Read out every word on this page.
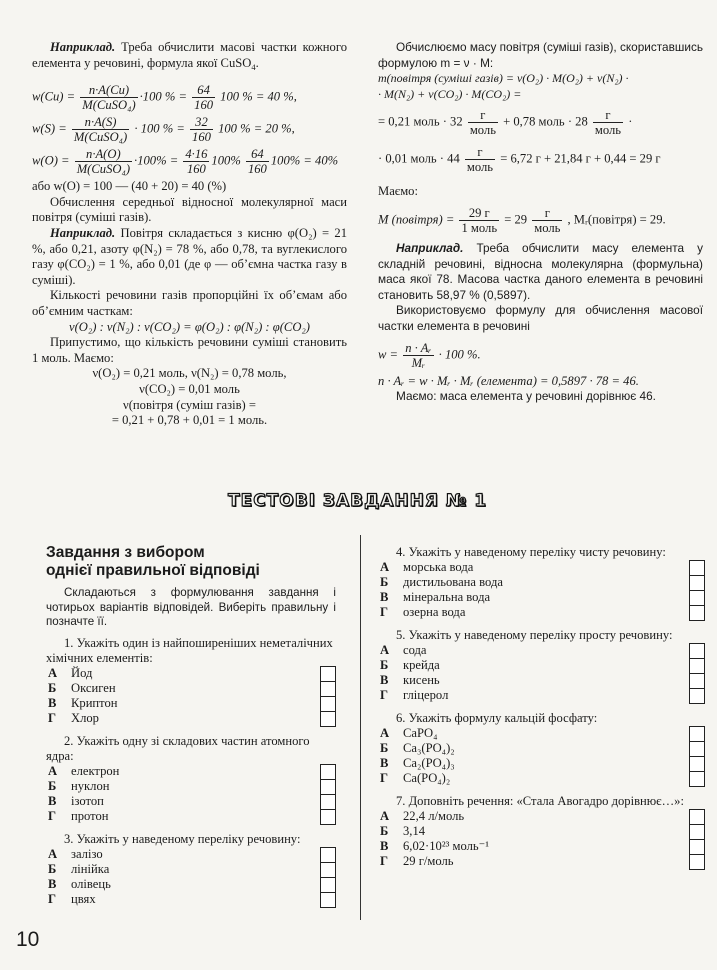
Наприклад. Треба обчислити масові частки кожного елемента у речовині, формула якої CuSO$_4$.

$w(Cu) = \frac{n\cdot A(Cu)}{\text{M(CuSO₄)}} \cdot 100$ % = $\frac{64}{160} 100$ % = 40 %,
$w(S) = \frac{n\cdot A(S)}{\text{M(CuSO₄)}} \cdot 100$ % = $\frac{32}{160} 100$ % = 20 %,
$w(O) = \frac{n\cdot A(O)}{\text{M(CuSO₄)}} \cdot 100\% = \frac{4\cdot 16}{160} 100\% \frac{64}{160} 100\% = 40\%$

або w(O) = 100 — (40 + 20) = 40 (%)

Обчислення середньої відносної молекулярної маси повітря (суміші газів).

Наприклад. Повітря складається з кисню φ(O₂) = 21 %, або 0,21, азоту φ(N₂) = 78 %, або 0,78, та вуглекислого газу φ(CO₂) = 1 %, або 0,01 (де φ — об’ємна частка газу в суміші).

Кількості речовини газів пропорційні їх об’ємам або об’ємним часткам:

ν(O₂) : ν(N₂) : ν(CO₂) = φ(O₂) : φ(N₂) : φ(CO₂)

Припустимо, що кількість речовини суміші становить 1 моль. Маємо:

ν(O₂) = 0,21 моль, ν(N₂) = 0,78 моль,

ν(CO₂) = 0,01 моль

ν(повітря (суміш газів) =

= 0,21 + 0,78 + 0,01 = 1 моль.

Обчислюємо масу повітря (суміші газів), скориставшись формулою m = ν · M:

m(повітря (суміші газів) = ν(O₂) · M(O₂) + ν(N₂) ·

· M(N₂) + ν(CO₂) · M(CO₂) =

= 0,21 моль · $32 \frac{г}{\text{моль}} + 0,78$ моль · $28 \frac{г}{\text{моль}}$ ·
· 0,01 моль · $44 \frac{г}{\text{моль}} = 6,72$ г + 21,84 г + 0,44 = 29 г

Маємо:

M (повітря) = $\frac{29 г}{\text{1 моль}} = 29 \frac{г}{\text{моль}}$ , Mᵣ(повітря) = 29.

Наприклад. Треба обчислити масу елемента у складній речовині, відносна молекулярна (формульна) маса якої 78. Масова частка даного елемента в речовині становить 58,97 % (0,5897).

Використовуємо формулу для обчислення масової частки елемента в речовині

$w = \frac{\text{n · Aᵣ}}{\text{Mᵣ}} \cdot 100$ %.

n · Aᵣ = w · Mᵣ · Mᵣ (елемента) = 0,5897 · 78 = 46.

Маємо: маса елемента у речовині дорівнює 46.

ТЕСТОВІ ЗАВДАННЯ № 1

Завдання з вибором

однієї правильної відповіді

Складаються з формулювання завдання і чотирьох варіантів відповідей. Виберіть правильну і позначте її.

1. Укажіть один із найпоширеніших неметалічних хімічних елементів:

А Йод
Б Оксиген
В Криптон
Г Хлор

2. Укажіть одну зі складових частин атомного ядра:

А електрон
Б нуклон
В ізотоп
Г протон

3. Укажіть у наведеному переліку речовину:

А залізо
Б лінійка
В олівець
Г цвях

4. Укажіть у наведеному переліку чисту речовину:

А морська вода
Б дистильована вода
В мінеральна вода
Г озерна вода

5. Укажіть у наведеному переліку просту речовину:

А сода
Б крейда
В кисень
Г гліцерол

6. Укажіть формулу кальцій фосфату:

А CaPO₄
Б Ca₃(PO₄)₂
В Ca₂(PO₄)₃
Г Ca(PO₄)₂

7. Доповніть речення: «Стала Авогадро дорівнює…»:

А 22,4 л/моль
Б 3,14
В 6,02·10²³ моль⁻¹
Г 29 г/моль
10
